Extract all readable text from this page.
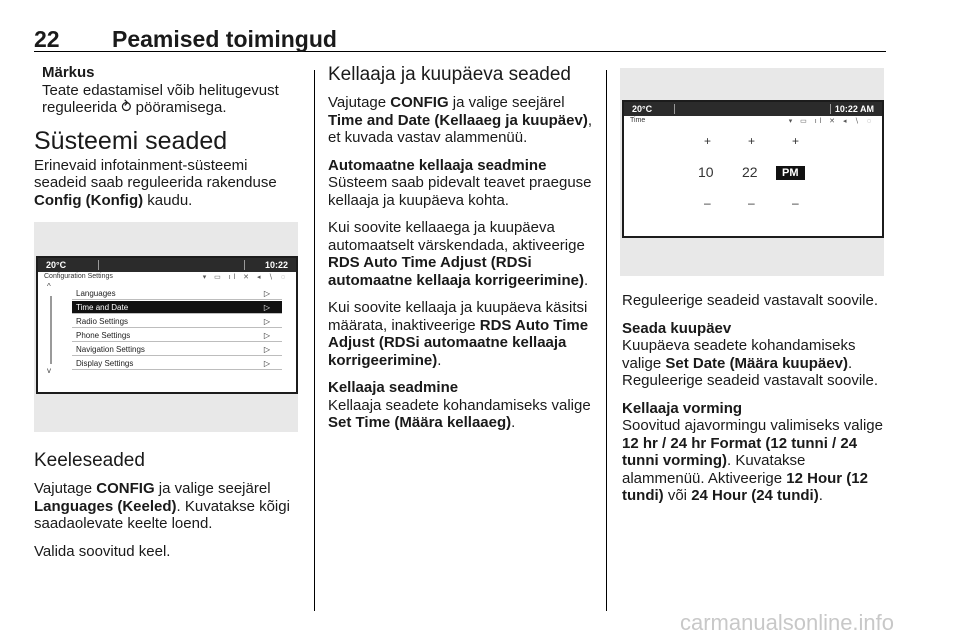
22 Peamised toimingud
Märkus
Teate edastamisel võib helitugevust reguleerida ⥁ pööramisega.
Süsteemi seaded

Erinevaid infotainment-süsteemi seadeid saab reguleerida rakenduse Config (Konfig) kaudu.

20°C	10:22
Configuration Settings	▾ ▭ ıl ✕ ◂ ∖ ◌
^
v
Languages	▷
Time and Date	▷
Radio Settings	▷
Phone Settings	▷
Navigation Settings	▷
Display Settings	▷
Keeleseaded

Vajutage CONFIG ja valige seejärel Languages (Keeled). Kuvatakse kõigi saadaolevate keelte loend.

Valida soovitud keel.

Kellaaja ja kuupäeva seaded

Vajutage CONFIG ja valige seejärel Time and Date (Kellaaeg ja kuupäev), et kuvada vastav alammenüü.

Automaatne kellaaja seadmine

Süsteem saab pidevalt teavet praeguse kellaaja ja kuupäeva kohta.

Kui soovite kellaaega ja kuupäeva automaatselt värskendada, aktiveerige RDS Auto Time Adjust (RDSi automaatne kellaaja korrigeerimine).

Kui soovite kellaaja ja kuupäeva käsitsi määrata, inaktiveerige RDS Auto Time Adjust (RDSi automaatne kellaaja korrigeerimine).

Kellaaja seadmine

Kellaaja seadete kohandamiseks valige Set Time (Määra kellaaeg).

20°C	10:22 AM
Time	▾ ▭ ıl ✕ ◂ ∖ ◌
+	+	+
10 22	PM
–	–	–

Reguleerige seadeid vastavalt soovile.

Seada kuupäev

Kuupäeva seadete kohandamiseks valige Set Date (Määra kuupäev). Reguleerige seadeid vastavalt soovile.

Kellaaja vorming

Soovitud ajavormingu valimiseks valige 12 hr / 24 hr Format (12 tunni / 24 tunni vorming). Kuvatakse alammenüü. Aktiveerige 12 Hour (12 tundi) või 24 Hour (24 tundi).

carmanualsonline.info
